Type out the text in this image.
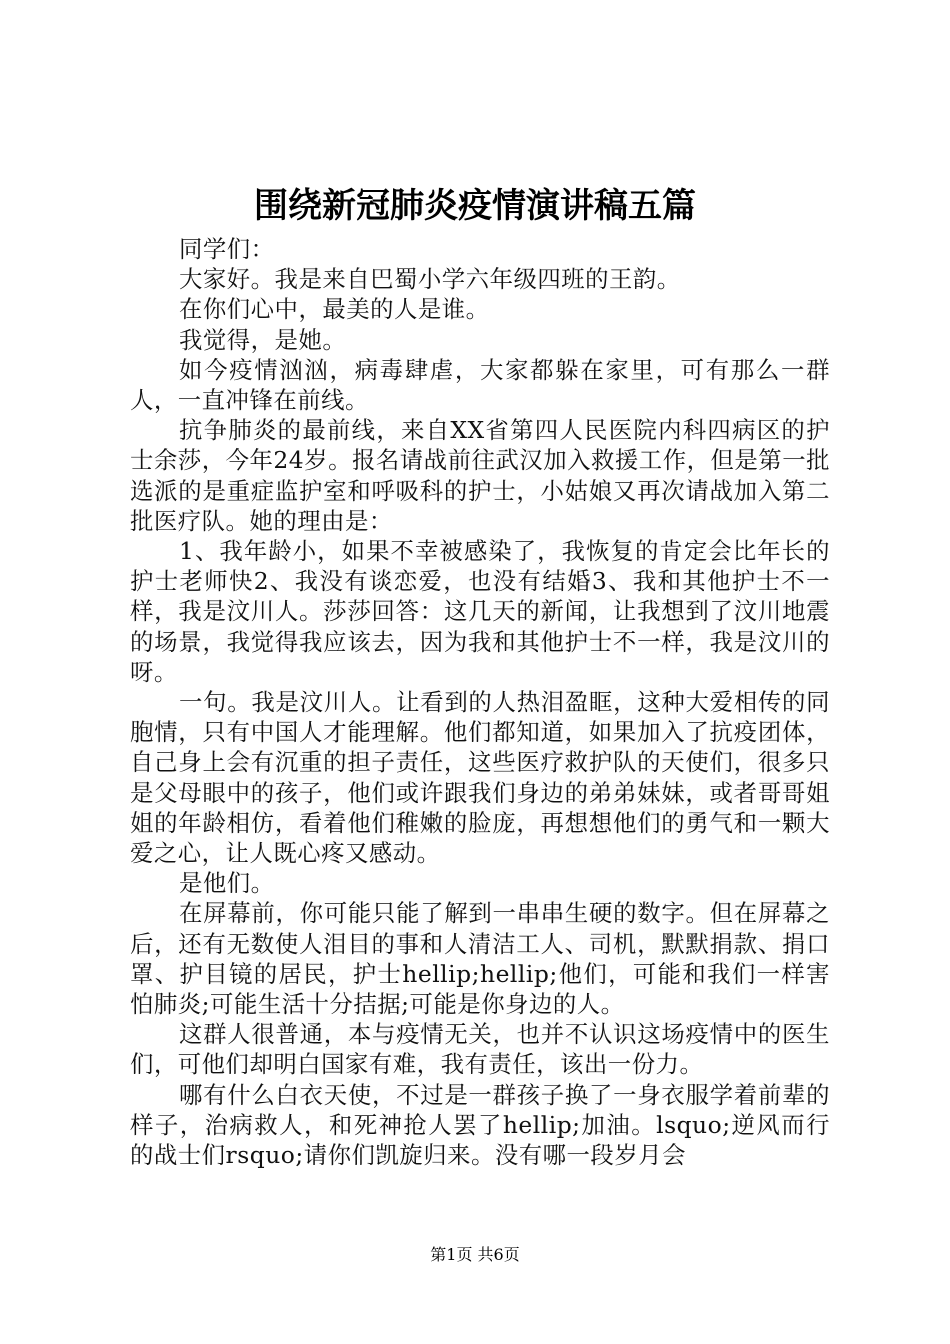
围绕新冠肺炎疫情演讲稿五篇

同学们：

大家好。我是来自巴蜀小学六年级四班的王韵。

在你们心中，最美的人是谁。

我觉得，是她。

如今疫情汹汹，病毒肆虐，大家都躲在家里，可有那么一群人，一直冲锋在前线。

抗争肺炎的最前线，来自XX省第四人民医院内科四病区的护士余莎，今年24岁。报名请战前往武汉加入救援工作，但是第一批选派的是重症监护室和呼吸科的护士，小姑娘又再次请战加入第二批医疗队。她的理由是：

1、我年龄小，如果不幸被感染了，我恢复的肯定会比年长的护士老师快2、我没有谈恋爱，也没有结婚3、我和其他护士不一样，我是汶川人。莎莎回答：这几天的新闻，让我想到了汶川地震的场景，我觉得我应该去，因为我和其他护士不一样，我是汶川的呀。

一句。我是汶川人。让看到的人热泪盈眶，这种大爱相传的同胞情，只有中国人才能理解。他们都知道，如果加入了抗疫团体，自己身上会有沉重的担子责任，这些医疗救护队的天使们，很多只是父母眼中的孩子，他们或许跟我们身边的弟弟妹妹，或者哥哥姐姐的年龄相仿，看着他们稚嫩的脸庞，再想想他们的勇气和一颗大爱之心，让人既心疼又感动。

是他们。

在屏幕前，你可能只能了解到一串串生硬的数字。但在屏幕之后，还有无数使人泪目的事和人清洁工人、司机，默默捐款、捐口罩、护目镜的居民，护士hellip;hellip;他们，可能和我们一样害怕肺炎;可能生活十分拮据;可能是你身边的人。

这群人很普通，本与疫情无关，也并不认识这场疫情中的医生们，可他们却明白国家有难，我有责任，该出一份力。

哪有什么白衣天使，不过是一群孩子换了一身衣服学着前辈的样子，治病救人，和死神抢人罢了hellip;加油。lsquo;逆风而行的战士们rsquo;请你们凯旋归来。没有哪一段岁月会

第1页 共6页
